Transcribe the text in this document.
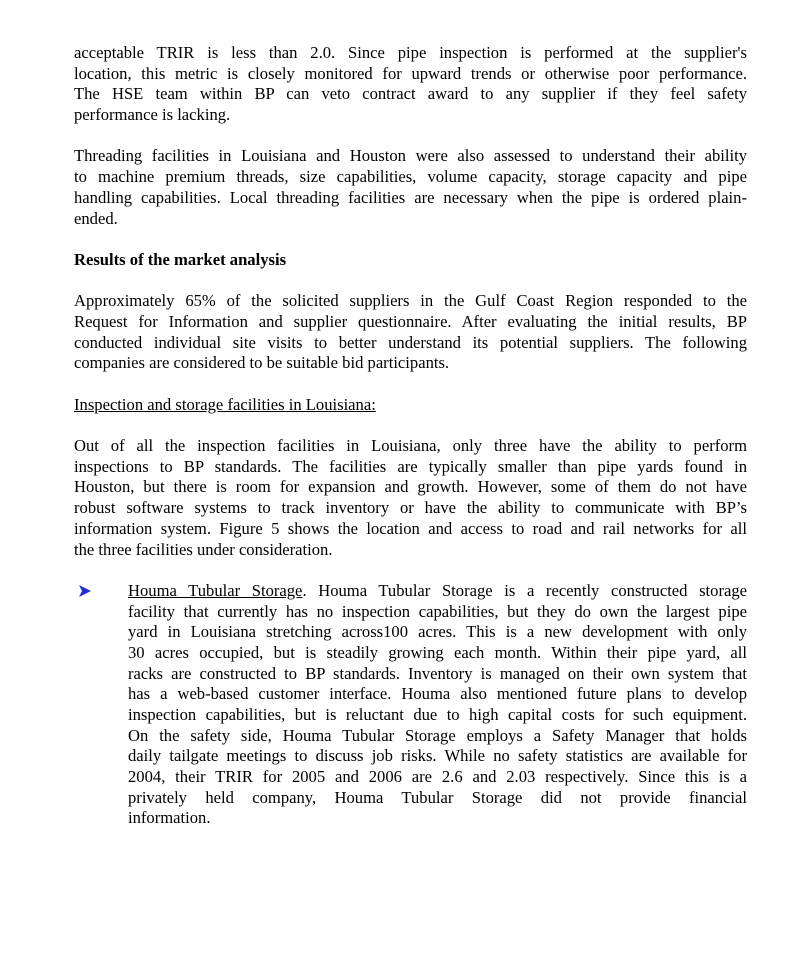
acceptable TRIR is less than 2.0. Since pipe inspection is performed at the supplier's
location, this metric is closely monitored for upward trends or otherwise poor performance.
The HSE team within BP can veto contract award to any supplier if they feel safety
performance is lacking.
Threading facilities in Louisiana and Houston were also assessed to understand their ability
to machine premium threads, size capabilities, volume capacity, storage capacity and pipe
handling capabilities. Local threading facilities are necessary when the pipe is ordered plain-
ended.
Results of the market analysis
Approximately 65% of the solicited suppliers in the Gulf Coast Region responded to the
Request for Information and supplier questionnaire. After evaluating the initial results, BP
conducted individual site visits to better understand its potential suppliers. The following
companies are considered to be suitable bid participants.
Inspection and storage facilities in Louisiana:
Out of all the inspection facilities in Louisiana, only three have the ability to perform
inspections to BP standards. The facilities are typically smaller than pipe yards found in
Houston, but there is room for expansion and growth. However, some of them do not have
robust software systems to track inventory or have the ability to communicate with BP’s
information system. Figure 5 shows the location and access to road and rail networks for all
the three facilities under consideration.
Houma Tubular Storage. Houma Tubular Storage is a recently constructed storage
facility that currently has no inspection capabilities, but they do own the largest pipe
yard in Louisiana stretching across100 acres. This is a new development with only
30 acres occupied, but is steadily growing each month. Within their pipe yard, all
racks are constructed to BP standards. Inventory is managed on their own system that
has a web-based customer interface. Houma also mentioned future plans to develop
inspection capabilities, but is reluctant due to high capital costs for such equipment.
On the safety side, Houma Tubular Storage employs a Safety Manager that holds
daily tailgate meetings to discuss job risks. While no safety statistics are available for
2004, their TRIR for 2005 and 2006 are 2.6 and 2.03 respectively. Since this is a
privately held company, Houma Tubular Storage did not provide financial
information.
